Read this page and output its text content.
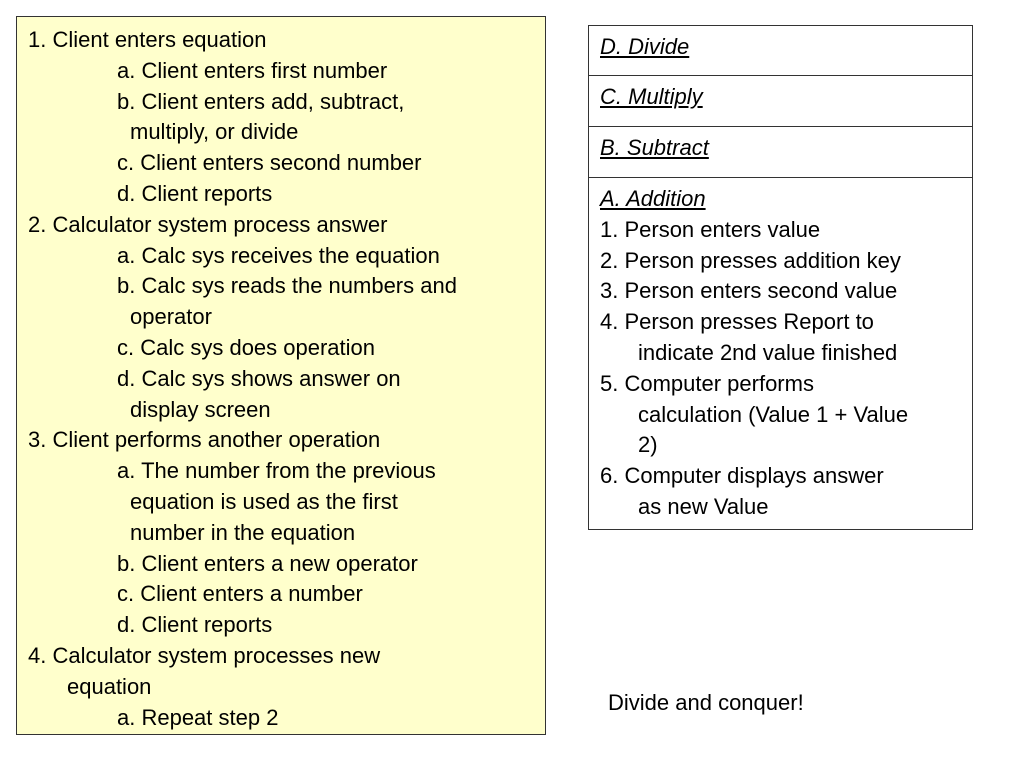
1. Client enters equation
a. Client enters first number
b. Client enters add, subtract,
multiply, or divide
c. Client enters second number
d. Client reports
2. Calculator system process answer
a. Calc sys receives the equation
b. Calc sys reads the numbers and
operator
c. Calc sys does operation
d. Calc sys shows answer on
display screen
3. Client performs another operation
a. The number from the previous
equation is used as the first
number in the equation
b. Client enters a new operator
c. Client enters a number
d. Client reports
4. Calculator system processes new
equation
a. Repeat step 2
D. Divide
C. Multiply
B. Subtract
A. Addition
1. Person enters value
2. Person presses addition key
3. Person enters second value
4. Person presses Report to
indicate 2nd value finished
5. Computer performs
calculation (Value 1 + Value
2)
6. Computer displays answer
as new Value
Divide and conquer!
